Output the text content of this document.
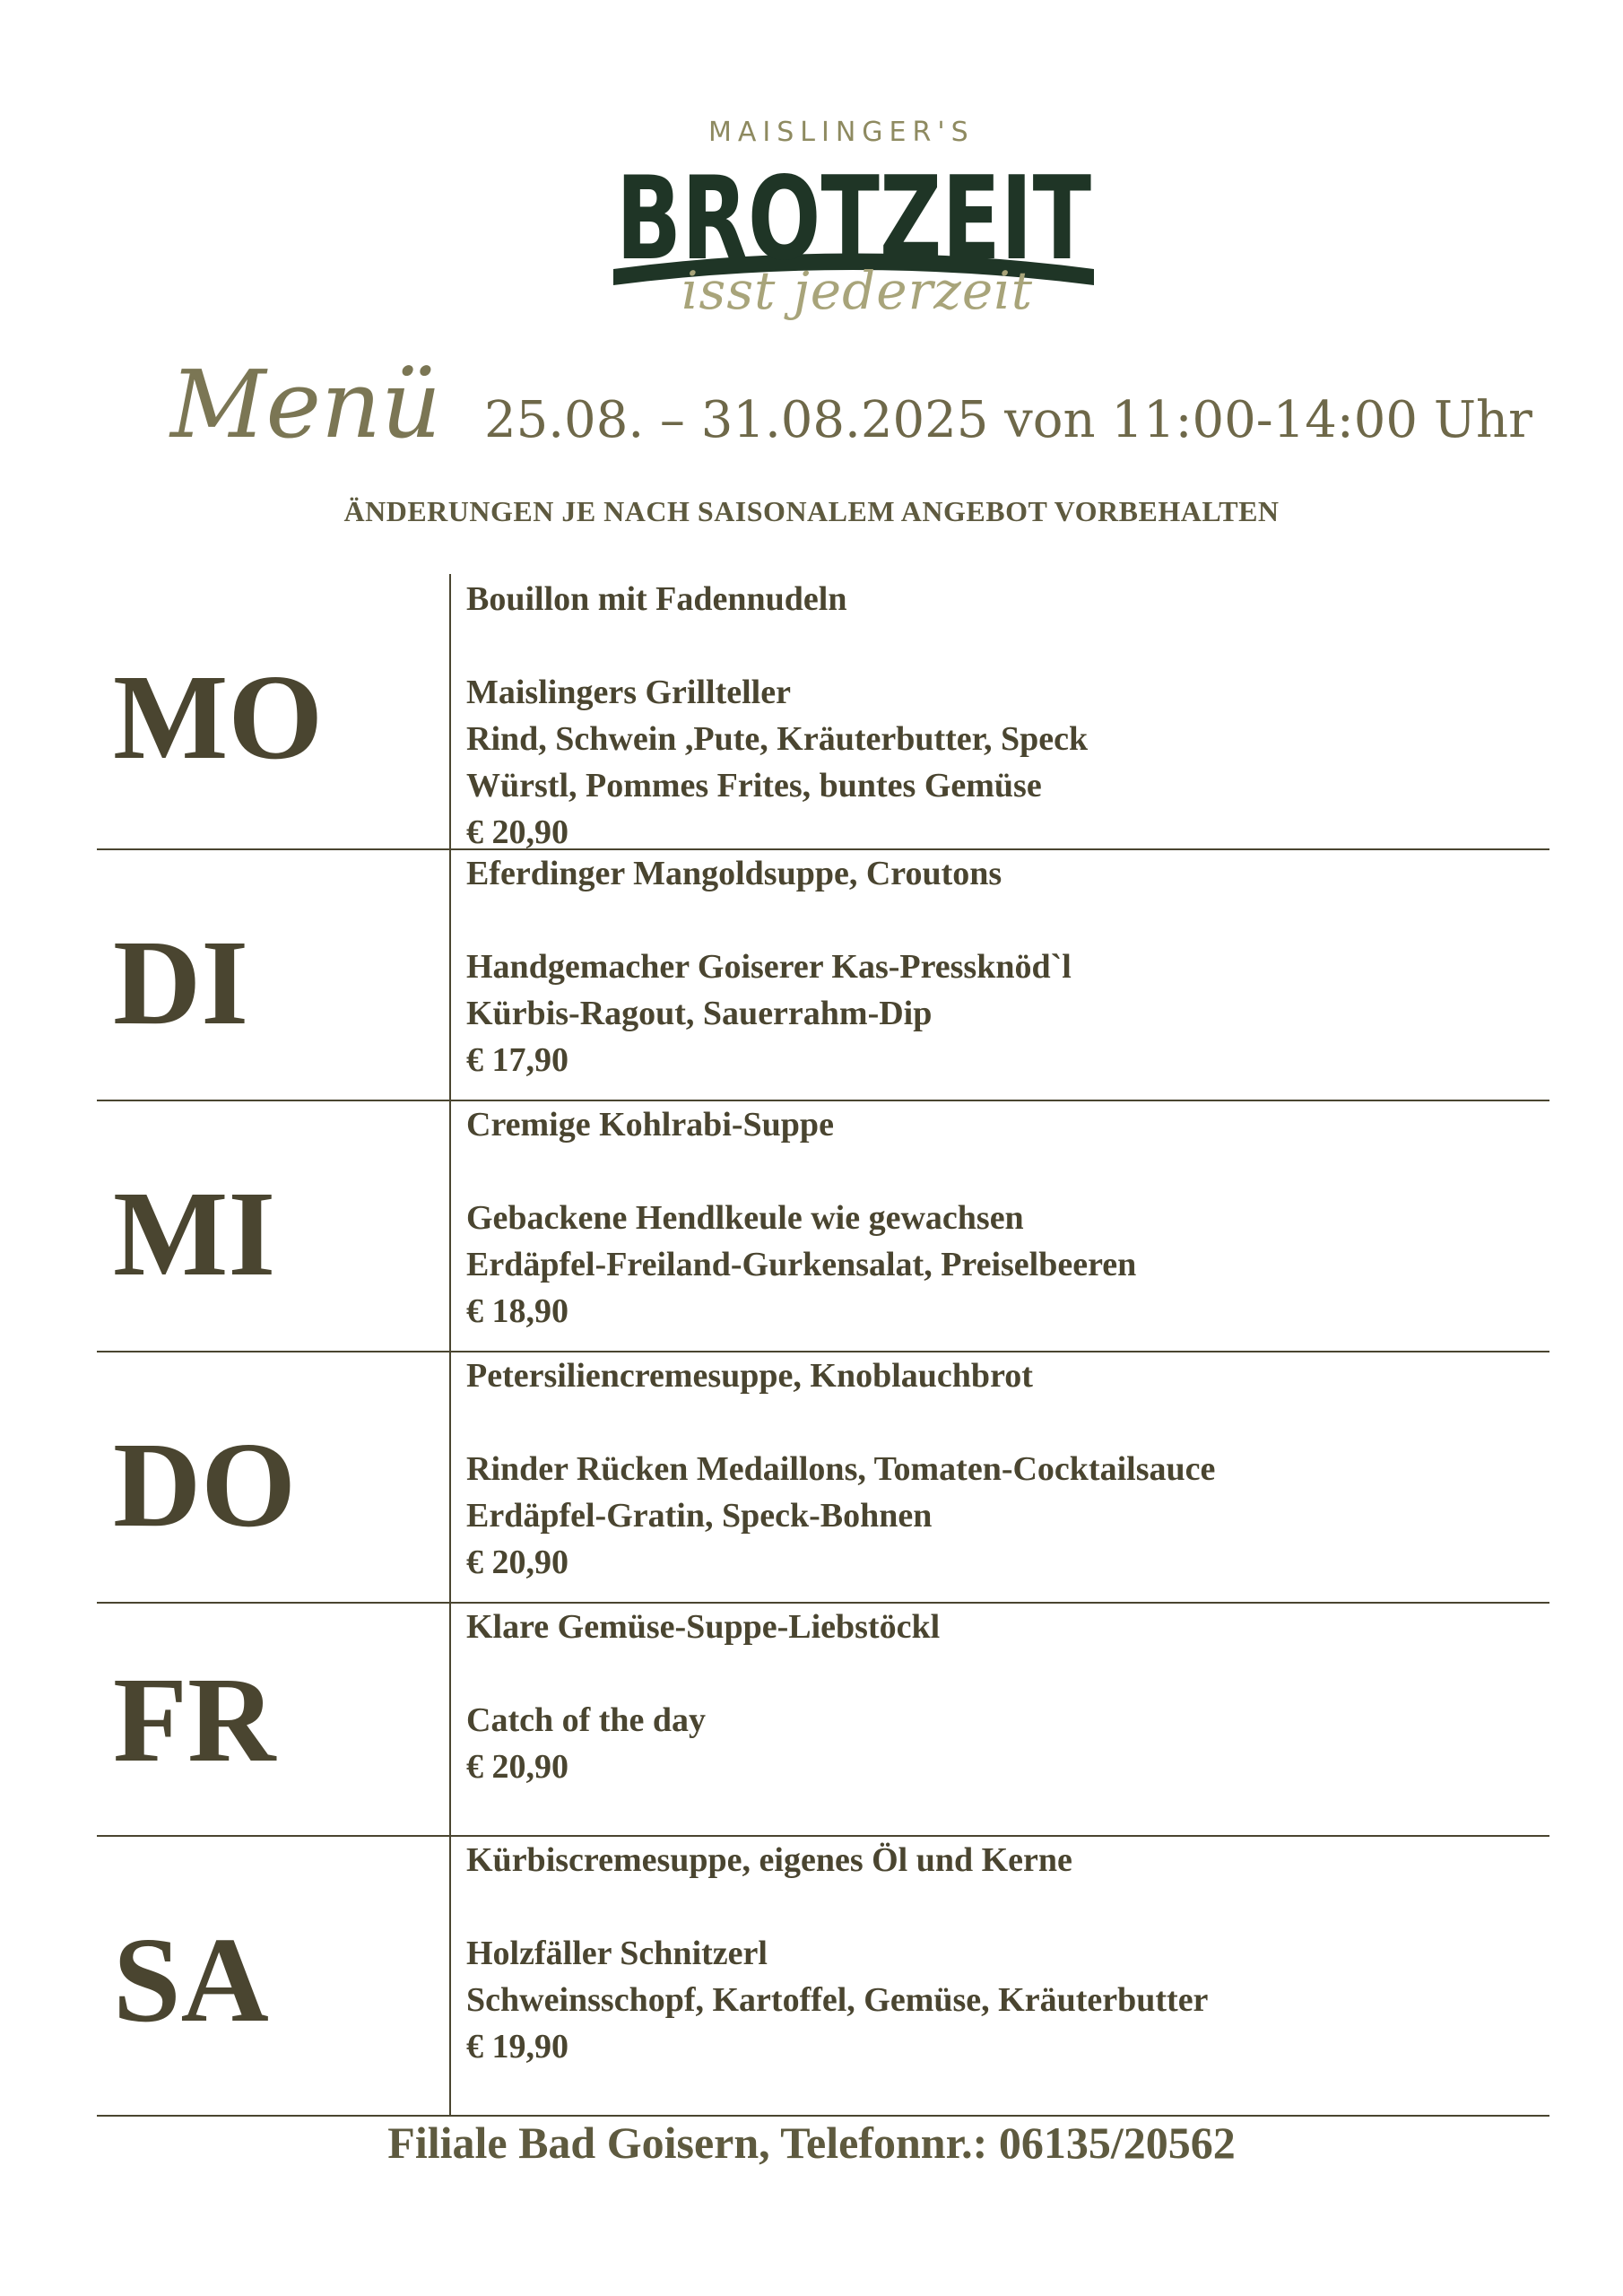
MAISLINGER'S
BROTZEIT
isst jederzeit
Menü 25.08. – 31.08.2025 von 11:00-14:00 Uhr
ÄNDERUNGEN JE NACH SAISONALEM ANGEBOT VORBEHALTEN
MO
Bouillon mit Fadennudeln
Maislingers Grillteller
Rind, Schwein ,Pute, Kräuterbutter, Speck
Würstl, Pommes Frites, buntes Gemüse
€ 20,90
DI
Eferdinger Mangoldsuppe, Croutons
Handgemacher Goiserer Kas-Pressknöd`l
Kürbis-Ragout, Sauerrahm-Dip
€ 17,90
MI
Cremige Kohlrabi-Suppe
Gebackene Hendlkeule wie gewachsen
Erdäpfel-Freiland-Gurkensalat, Preiselbeeren
€ 18,90
DO
Petersiliencremesuppe, Knoblauchbrot
Rinder Rücken Medaillons, Tomaten-Cocktailsauce
Erdäpfel-Gratin, Speck-Bohnen
€ 20,90
FR
Klare Gemüse-Suppe-Liebstöckl
Catch of the day
€ 20,90
SA
Kürbiscremesuppe, eigenes Öl und Kerne
Holzfäller Schnitzerl
Schweinsschopf, Kartoffel, Gemüse, Kräuterbutter
€ 19,90
Filiale Bad Goisern, Telefonnr.: 06135/20562
